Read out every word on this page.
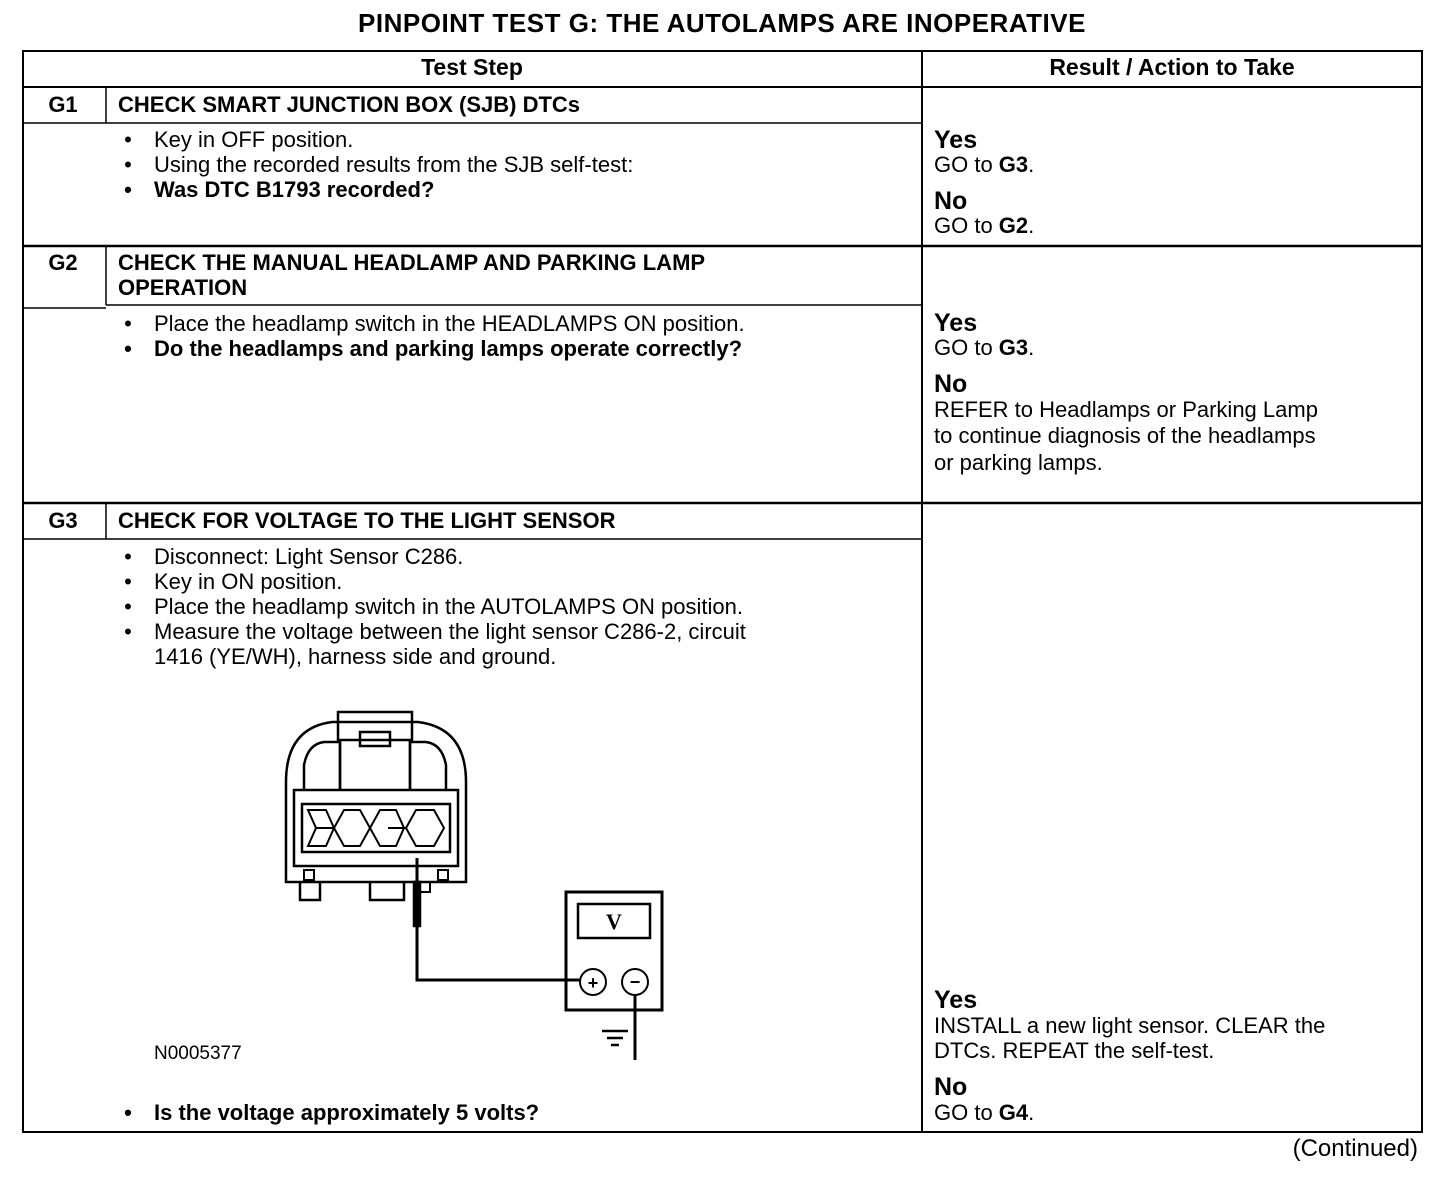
PINPOINT TEST G: THE AUTOLAMPS ARE INOPERATIVE
Test Step	Result / Action to Take
G1	CHECK SMART JUNCTION BOX (SJB) DTCs
• Key in OFF position.
• Using the recorded results from the SJB self-test:
• Was DTC B1793 recorded?
Yes
GO to G3.
No
GO to G2.
G2	CHECK THE MANUAL HEADLAMP AND PARKING LAMP
OPERATION
• Place the headlamp switch in the HEADLAMPS ON position.
• Do the headlamps and parking lamps operate correctly?
Yes
GO to G3.
No
REFER to Headlamps or Parking Lamp
to continue diagnosis of the headlamps
or parking lamps.
G3	CHECK FOR VOLTAGE TO THE LIGHT SENSOR
• Disconnect: Light Sensor C286.
• Key in ON position.
• Place the headlamp switch in the AUTOLAMPS ON position.
• Measure the voltage between the light sensor C286-2, circuit
1416 (YE/WH), harness side and ground.
V
+ −
N0005377
• Is the voltage approximately 5 volts?
Yes
INSTALL a new light sensor. CLEAR the
DTCs. REPEAT the self-test.
No
GO to G4.
(Continued)
